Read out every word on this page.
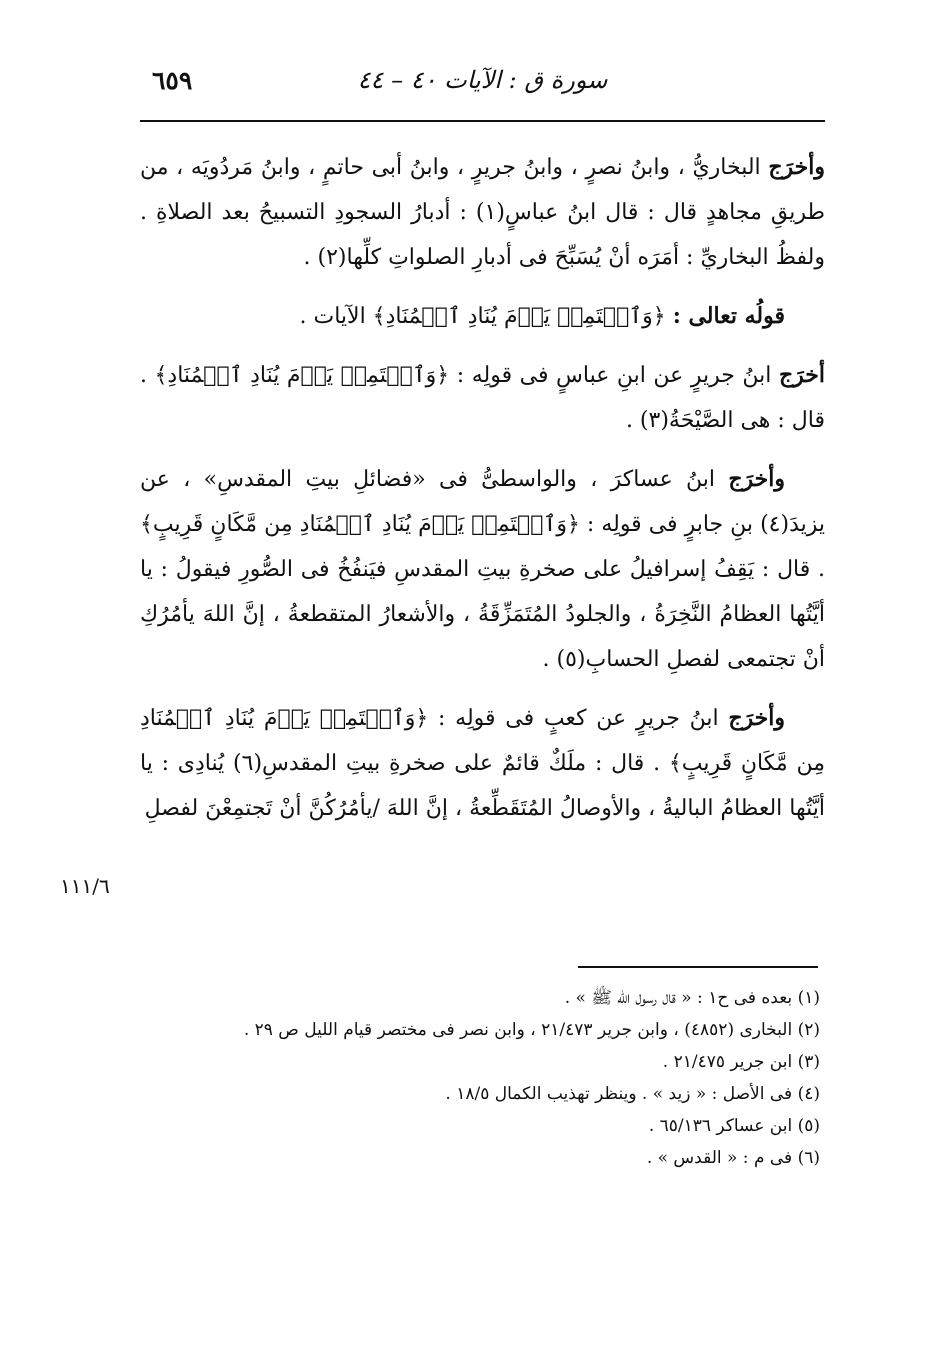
٦٥٩	سورة ق : الآيات ٤٠ – ٤٤

وأخرَج البخاريُّ ، وابنُ نصرٍ ، وابنُ جريرٍ ، وابنُ أبى حاتمٍ ، وابنُ مَردُويَه ، من طريقِ مجاهدٍ قال : قال ابنُ عباسٍ(١) : أدبارُ السجودِ التسبيحُ بعد الصلاةِ . ولفظُ البخاريِّ : أمَرَه أنْ يُسَبِّحَ فى أدبارِ الصلواتِ كلِّها(٢) .

قولُه تعالى : ﴿وَٱسۡتَمِعۡ يَوۡمَ يُنَادِ ٱلۡمُنَادِ﴾ الآيات .

أخرَج ابنُ جريرٍ عن ابنِ عباسٍ فى قولِه : ﴿وَٱسۡتَمِعۡ يَوۡمَ يُنَادِ ٱلۡمُنَادِ﴾ . قال : هى الصَّيْحَةُ(٣) .

وأخرَج ابنُ عساكرَ ، والواسطىُّ فى «فضائلِ بيتِ المقدسِ» ، عن يزيدَ(٤) بنِ جابرٍ فى قولِه : ﴿وَٱسۡتَمِعۡ يَوۡمَ يُنَادِ ٱلۡمُنَادِ مِن مَّكَانٍ قَرِيبٍ﴾ . قال : يَقِفُ إسرافيلُ على صخرةِ بيتِ المقدسِ فيَنفُخُ فى الصُّورِ فيقولُ : يا أيَّتُها العظامُ النَّخِرَةُ ، والجلودُ المُتَمَزِّقَةُ ، والأشعارُ المتقطعةُ ، إنَّ اللهَ يأمُرُكِ أنْ تجتمعى لفصلِ الحسابِ(٥) .

وأخرَج ابنُ جريرٍ عن كعبٍ فى قولِه : ﴿وَٱسۡتَمِعۡ يَوۡمَ يُنَادِ ٱلۡمُنَادِ مِن مَّكَانٍ قَرِيبٍ﴾ . قال : ملَكٌ قائمٌ على صخرةِ بيتِ المقدسِ(٦) يُنادِى : يا أيَّتُها العظامُ الباليةُ ، والأوصالُ المُتَقَطِّعةُ ، إنَّ اللهَ /يأمُرُكُنَّ أنْ تَجتمِعْنَ لفصلِ

١١١/٦

(١) بعده فى ح١ : « قال رسول الله ﷺ » .

(٢) البخارى (٤٨٥٢) ، وابن جرير ٢١/٤٧٣ ، وابن نصر فى مختصر قيام الليل ص ٢٩ .

(٣) ابن جرير ٢١/٤٧٥ .

(٤) فى الأصل : « زيد » . وينظر تهذيب الكمال ١٨/٥ .

(٥) ابن عساكر ٦٥/١٣٦ .

(٦) فى م : « القدس » .
